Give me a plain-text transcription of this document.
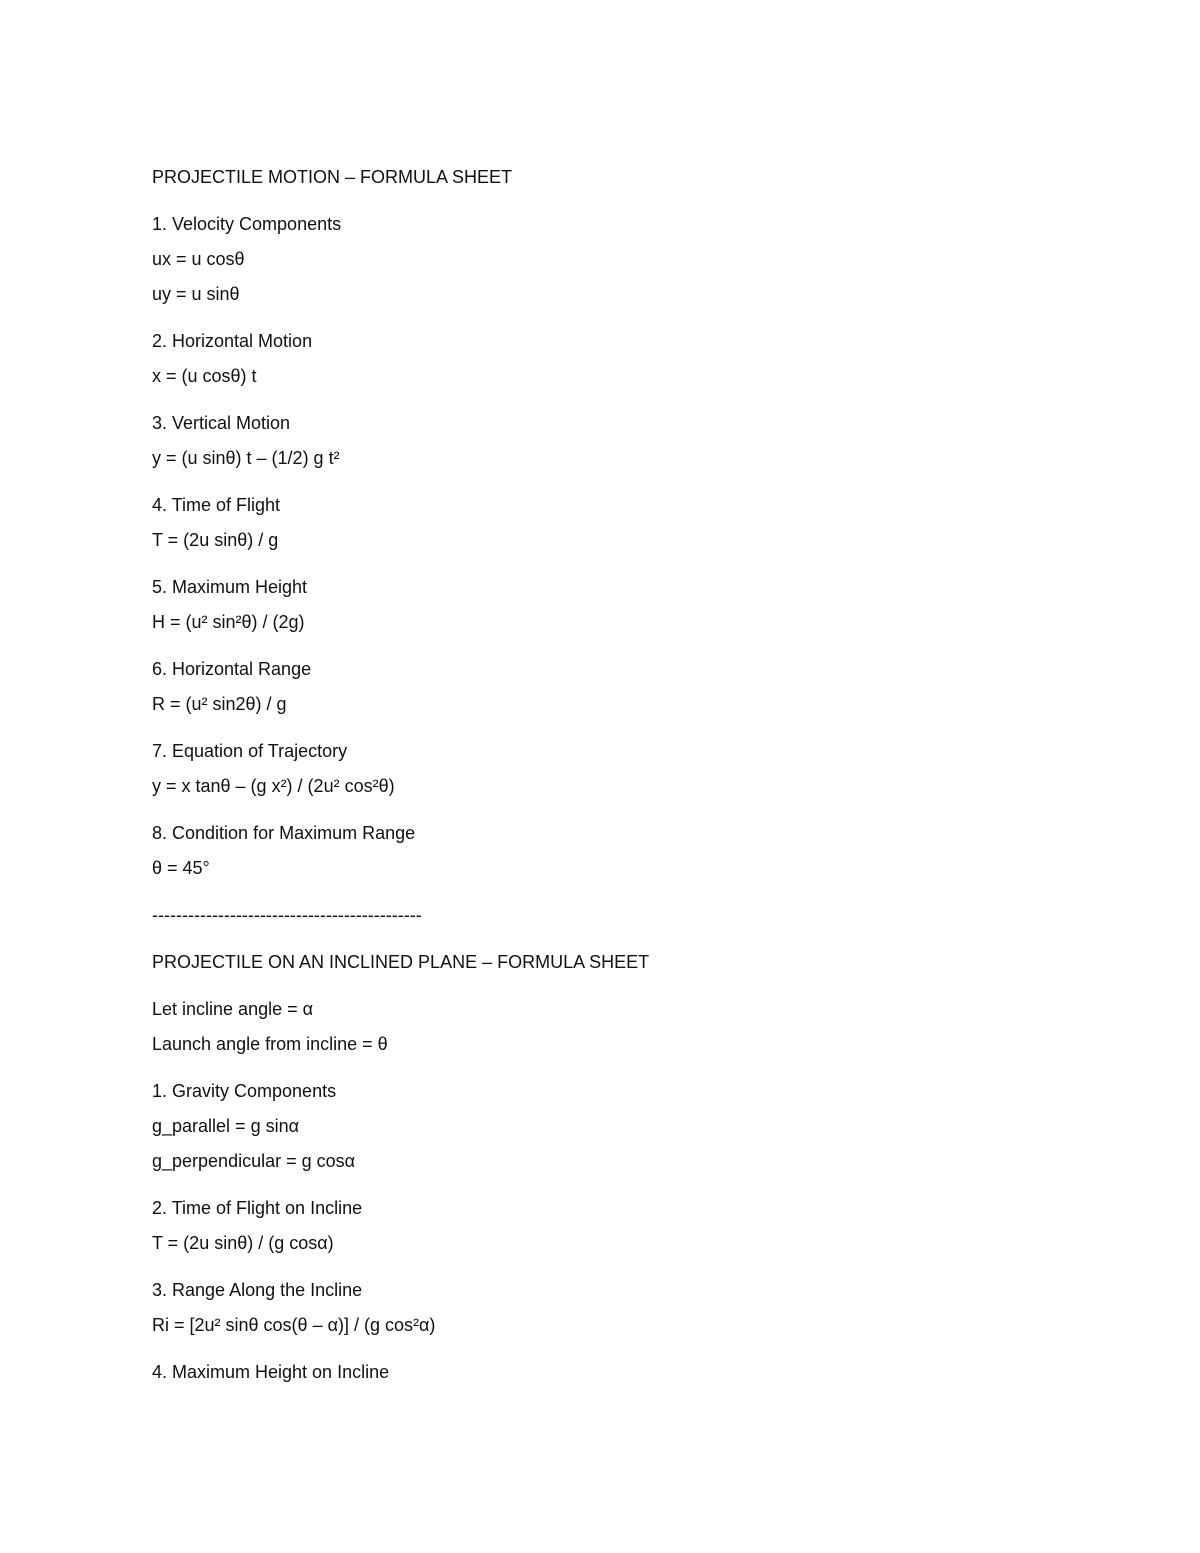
PROJECTILE MOTION – FORMULA SHEET
1. Velocity Components
ux = u cosθ
uy = u sinθ
2. Horizontal Motion
x = (u cosθ) t
3. Vertical Motion
y = (u sinθ) t – (1/2) g t²
4. Time of Flight
T = (2u sinθ) / g
5. Maximum Height
H = (u² sin²θ) / (2g)
6. Horizontal Range
R = (u² sin2θ) / g
7. Equation of Trajectory
y = x tanθ – (g x²) / (2u² cos²θ)
8. Condition for Maximum Range
θ = 45°
---------------------------------------------
PROJECTILE ON AN INCLINED PLANE – FORMULA SHEET
Let incline angle = α
Launch angle from incline = θ
1. Gravity Components
g_parallel = g sinα
g_perpendicular = g cosα
2. Time of Flight on Incline
T = (2u sinθ) / (g cosα)
3. Range Along the Incline
Ri = [2u² sinθ cos(θ – α)] / (g cos²α)
4. Maximum Height on Incline
